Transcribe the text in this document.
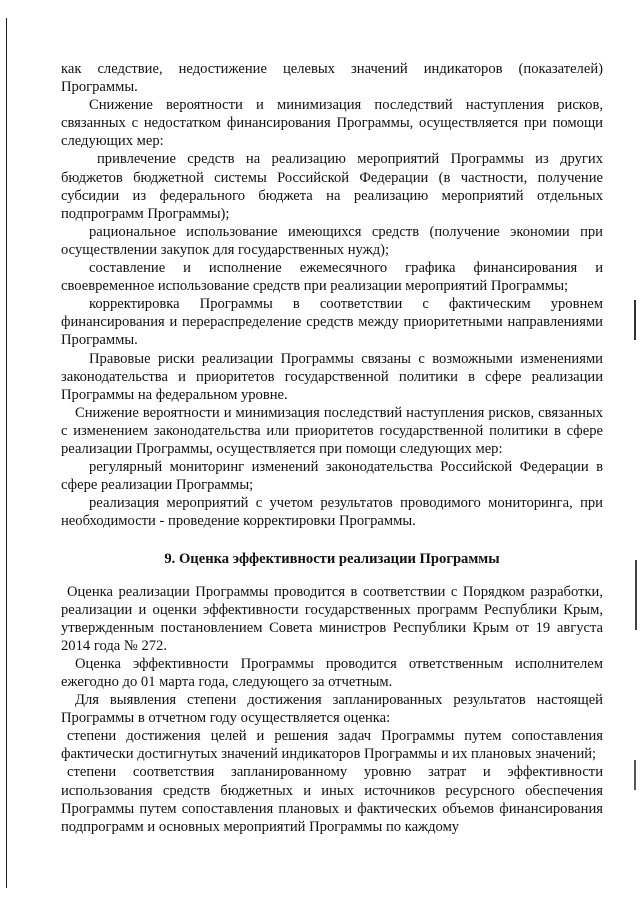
как следствие, недостижение целевых значений индикаторов (показателей) Программы.

Снижение вероятности и минимизация последствий наступления рисков, связанных с недостатком финансирования Программы, осуществляется при помощи следующих мер:

привлечение средств на реализацию мероприятий Программы из других бюджетов бюджетной системы Российской Федерации (в частности, получение субсидии из федерального бюджета на реализацию мероприятий отдельных подпрограмм Программы);

рациональное использование имеющихся средств (получение экономии при осуществлении закупок для государственных нужд);

составление и исполнение ежемесячного графика финансирования и своевременное использование средств при реализации мероприятий Программы;

корректировка Программы в соответствии с фактическим уровнем финансирования и перераспределение средств между приоритетными направлениями Программы.

Правовые риски реализации Программы связаны с возможными изменениями законодательства и приоритетов государственной политики в сфере реализации Программы на федеральном уровне.

Снижение вероятности и минимизация последствий наступления рисков, связанных с изменением законодательства или приоритетов государственной политики в сфере реализации Программы, осуществляется при помощи следующих мер:

регулярный мониторинг изменений законодательства Российской Федерации в сфере реализации Программы;

реализация мероприятий с учетом результатов проводимого мониторинга, при необходимости - проведение корректировки Программы.

9. Оценка эффективности реализации Программы

Оценка реализации Программы проводится в соответствии с Порядком разработки, реализации и оценки эффективности государственных программ Республики Крым, утвержденным постановлением Совета министров Республики Крым от 19 августа 2014 года № 272.

Оценка эффективности Программы проводится ответственным исполнителем ежегодно до 01 марта года, следующего за отчетным.

Для выявления степени достижения запланированных результатов настоящей Программы в отчетном году осуществляется оценка:

степени достижения целей и решения задач Программы путем сопоставления фактически достигнутых значений индикаторов Программы и их плановых значений;

степени соответствия запланированному уровню затрат и эффективности использования средств бюджетных и иных источников ресурсного обеспечения Программы путем сопоставления плановых и фактических объемов финансирования подпрограмм и основных мероприятий Программы по каждому
